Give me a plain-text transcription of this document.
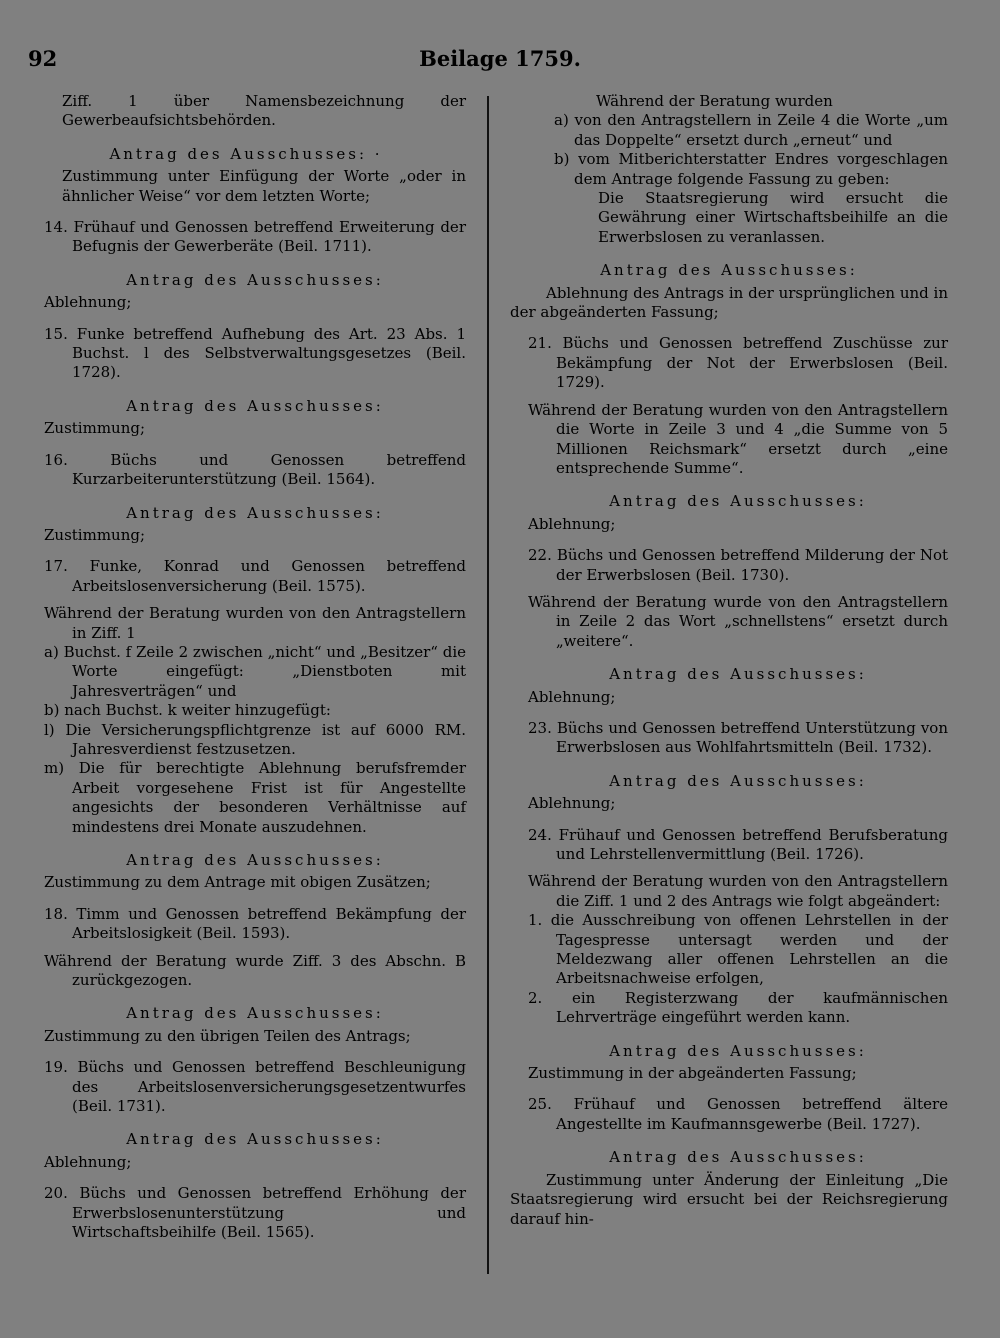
92	Beilage 1759.

Ziff. 1 über Namensbezeichnung der Gewerbeaufsichtsbehörden.

Antrag des Ausschusses: ·

Zustimmung unter Einfügung der Worte „oder in ähnlicher Weise“ vor dem letzten Worte;

14. Frühauf und Genossen betreffend Erweiterung der Befugnis der Gewerberäte (Beil. 1711).

Antrag des Ausschusses:

Ablehnung;

15. Funke betreffend Aufhebung des Art. 23 Abs. 1 Buchst. l des Selbstverwaltungsgesetzes (Beil. 1728).

Antrag des Ausschusses:

Zustimmung;

16.	Büchs und Genossen betreffend Kurzarbeiterunterstützung (Beil. 1564).

Antrag des Ausschusses:

Zustimmung;

17. Funke, Konrad und Genossen betreffend Arbeitslosenversicherung (Beil. 1575).

Während der Beratung wurden von den Antragstellern in Ziff. 1

a) Buchst. f Zeile 2 zwischen „nicht“ und „Besitzer“ die Worte eingefügt: „Dienstboten mit Jahresverträgen“ und

b) nach Buchst. k weiter hinzugefügt:

l) Die Versicherungspflichtgrenze ist auf 6000 RM. Jahresverdienst festzusetzen.

m) Die für berechtigte Ablehnung berufsfremder Arbeit vorgesehene Frist ist für Angestellte angesichts der besonderen Verhältnisse auf mindestens drei Monate auszudehnen.

Antrag des Ausschusses:

Zustimmung zu dem Antrage mit obigen Zusätzen;

18. Timm und Genossen betreffend Bekämpfung der Arbeitslosigkeit (Beil. 1593).

Während der Beratung wurde Ziff. 3 des Abschn. B zurückgezogen.

Antrag des Ausschusses:

Zustimmung zu den übrigen Teilen des Antrags;

19. Büchs und Genossen betreffend Beschleunigung des Arbeitslosenversicherungsgesetzentwurfes (Beil. 1731).

Antrag des Ausschusses:

Ablehnung;

20. Büchs und Genossen betreffend Erhöhung der Erwerbslosenunterstützung und Wirtschaftsbeihilfe (Beil. 1565).

Während der Beratung wurden

a) von den Antragstellern in Zeile 4 die Worte „um das Doppelte“ ersetzt durch „erneut“ und

b) vom Mitberichterstatter Endres vorgeschlagen dem Antrage folgende Fassung zu geben:

Die Staatsregierung wird ersucht die Gewährung einer Wirtschaftsbeihilfe an die Erwerbslosen zu veranlassen.

Antrag des Ausschusses:

Ablehnung des Antrags in der ursprünglichen und in der abgeänderten Fassung;

21. Büchs und Genossen betreffend Zuschüsse zur Bekämpfung der Not der Erwerbslosen (Beil. 1729).

Während der Beratung wurden von den Antragstellern die Worte in Zeile 3 und 4 „die Summe von 5 Millionen Reichsmark“ ersetzt durch „eine entsprechende Summe“.

Antrag des Ausschusses:

Ablehnung;

22. Büchs und Genossen betreffend Milderung der Not der Erwerbslosen (Beil. 1730).

Während der Beratung wurde von den Antragstellern in Zeile 2 das Wort „schnellstens“ ersetzt durch „weitere“.

Antrag des Ausschusses:

Ablehnung;

23. Büchs und Genossen betreffend Unterstützung von Erwerbslosen aus Wohlfahrtsmitteln (Beil. 1732).

Antrag des Ausschusses:

Ablehnung;

24. Frühauf und Genossen betreffend Berufsberatung und Lehrstellenvermittlung (Beil. 1726).

Während der Beratung wurden von den Antragstellern die Ziff. 1 und 2 des Antrags wie folgt abgeändert:

1. die Ausschreibung von offenen Lehrstellen in der Tagespresse untersagt werden und der Meldezwang aller offenen Lehrstellen an die Arbeitsnachweise erfolgen,

2. ein Registerzwang der kaufmännischen Lehrverträge eingeführt werden kann.

Antrag des Ausschusses:

Zustimmung in der abgeänderten Fassung;

25. Frühauf und Genossen betreffend ältere Angestellte im Kaufmannsgewerbe (Beil. 1727).

Antrag des Ausschusses:

Zustimmung unter Änderung der Einleitung „Die Staatsregierung wird ersucht bei der Reichsregierung darauf hin-
